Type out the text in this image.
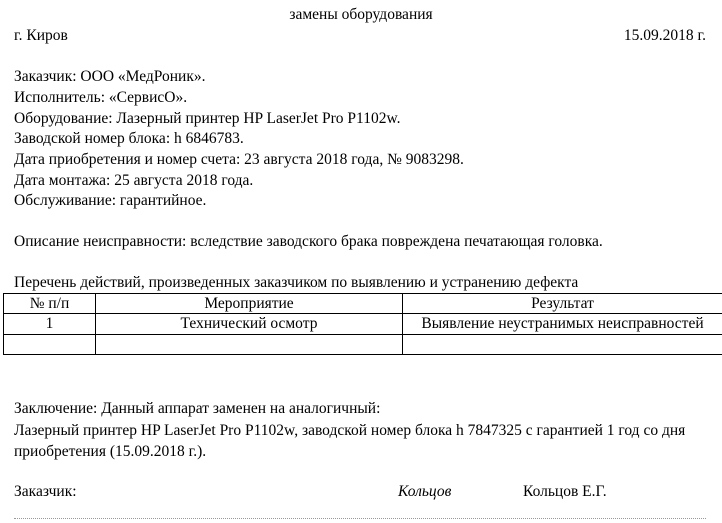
замены оборудования
г. Киров	15.09.2018 г.
Заказчик: ООО «МедРоник».
Исполнитель: «СервисО».
Оборудование: Лазерный принтер HP LaserJet Pro P1102w.
Заводской номер блока: h 6846783.
Дата приобретения и номер счета: 23 августа 2018 года, № 9083298.
Дата монтажа: 25 августа 2018 года.
Обслуживание: гарантийное.
Описание неисправности: вследствие заводского брака повреждена печатающая головка.
Перечень действий, произведенных заказчиком по выявлению и устранению дефекта
№ п/п	Мероприятие	Результат
1	Технический осмотр	Выявление неустранимых неисправностей

Заключение: Данный аппарат заменен на аналогичный:
Лазерный принтер HP LaserJet Pro P1102w, заводской номер блока h 7847325 с гарантией 1 год со дня приобретения (15.09.2018 г.).
Заказчик:	Кольцов	Кольцов Е.Г.
